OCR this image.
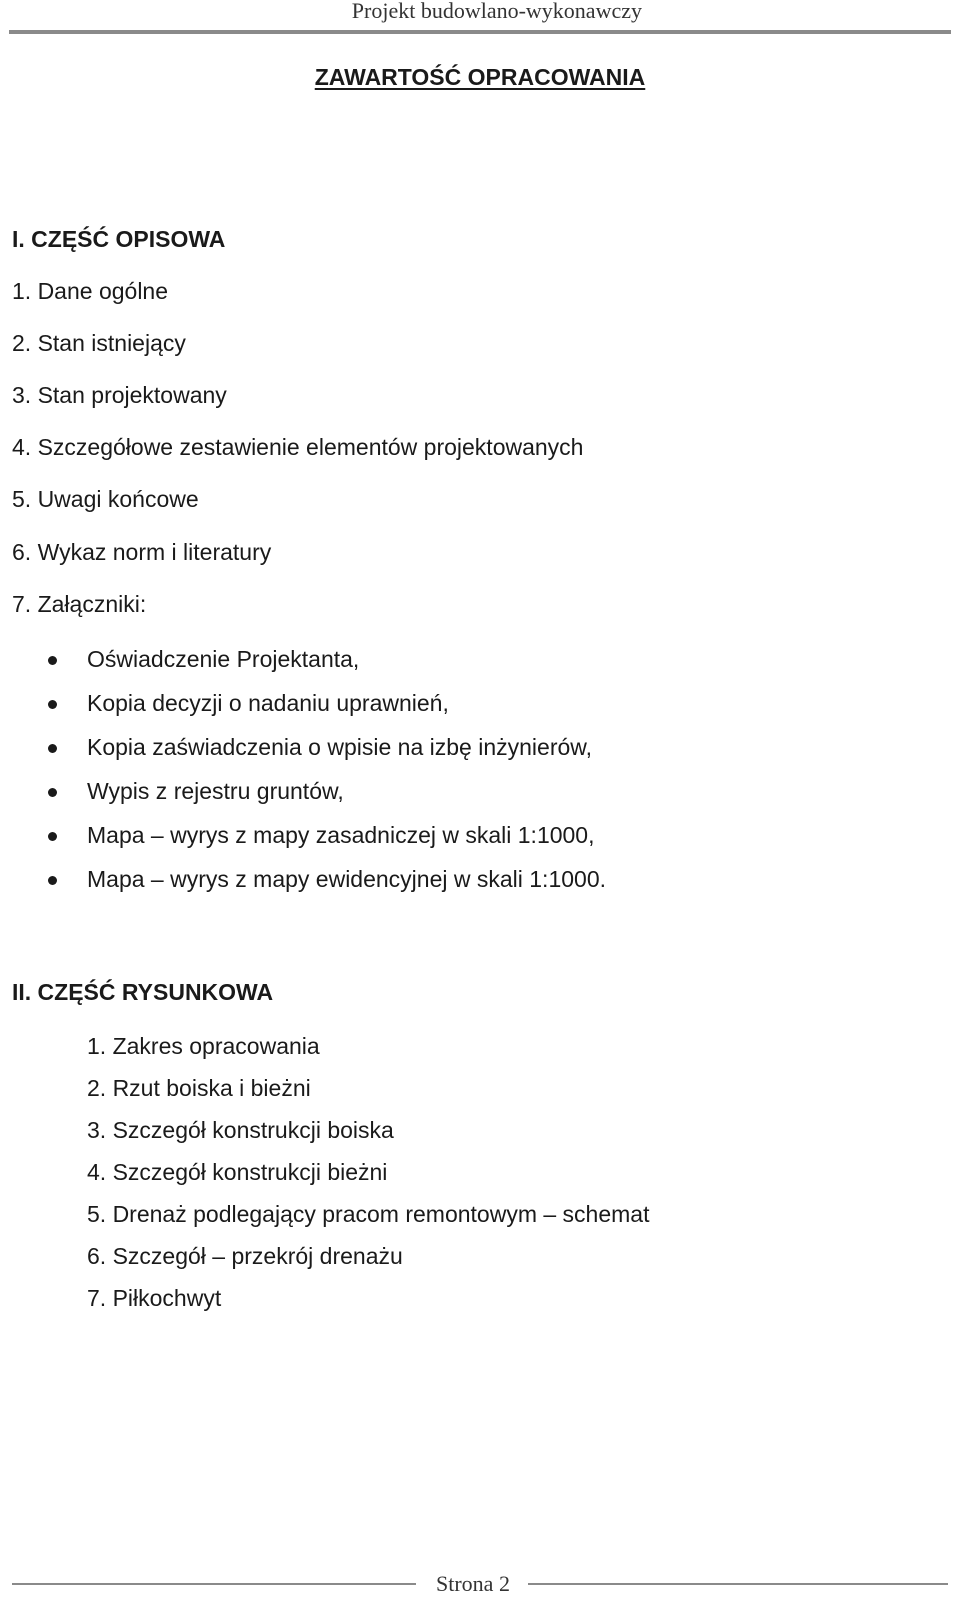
Projekt budowlano-wykonawczy
ZAWARTOŚĆ OPRACOWANIA
I. CZĘŚĆ OPISOWA
1. Dane ogólne
2. Stan istniejący
3. Stan projektowany
4. Szczegółowe zestawienie elementów projektowanych
5. Uwagi końcowe
6. Wykaz norm i literatury
7. Załączniki:
Oświadczenie Projektanta,
Kopia decyzji o nadaniu uprawnień,
Kopia zaświadczenia o wpisie na izbę inżynierów,
Wypis z rejestru gruntów,
Mapa – wyrys z mapy zasadniczej w skali 1:1000,
Mapa – wyrys z mapy ewidencyjnej w skali 1:1000.
II. CZĘŚĆ RYSUNKOWA
1. Zakres opracowania
2. Rzut boiska i bieżni
3. Szczegół konstrukcji boiska
4. Szczegół konstrukcji bieżni
5. Drenaż podlegający pracom remontowym – schemat
6. Szczegół – przekrój drenażu
7. Piłkochwyt
Strona 2
